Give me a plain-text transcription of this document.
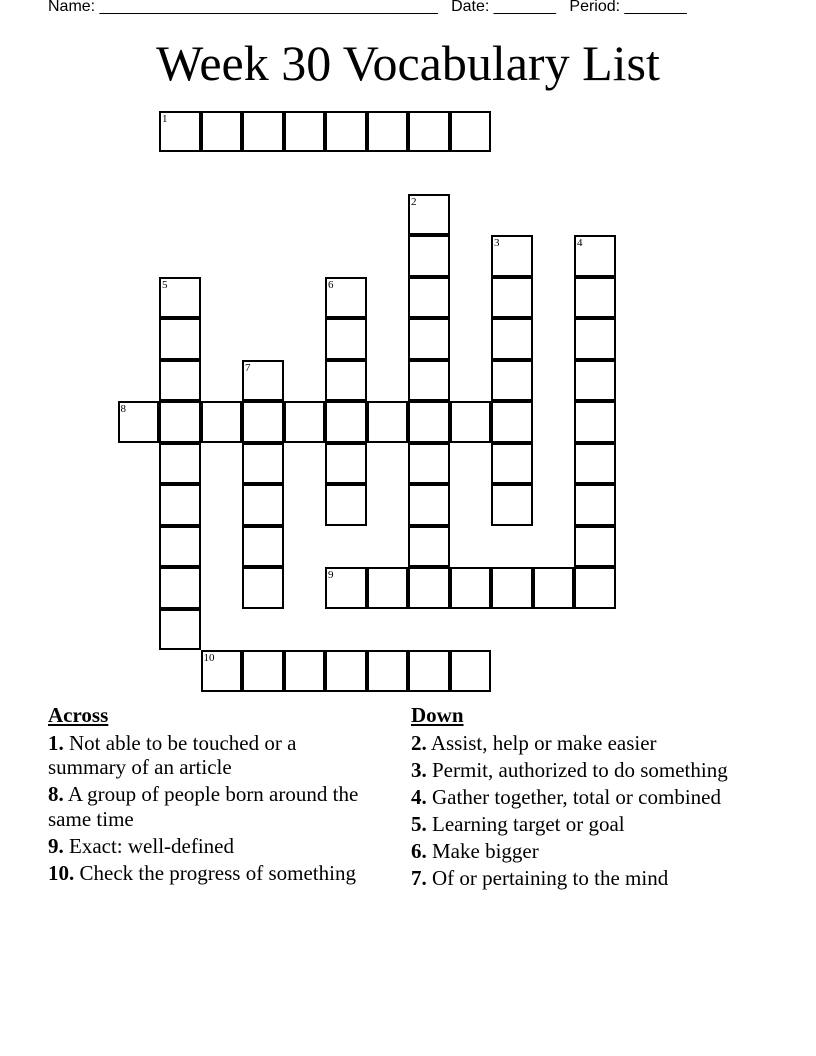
Name: ______________________________________ Date: _______ Period: _______
Week 30 Vocabulary List
1
2
3	4
5	6
7
8
9
10
Across
1. Not able to be touched or a summary of an article
8. A group of people born around the same time
9. Exact: well-defined
10. Check the progress of something
Down
2. Assist, help or make easier
3. Permit, authorized to do something
4. Gather together, total or combined
5. Learning target or goal
6. Make bigger
7. Of or pertaining to the mind
